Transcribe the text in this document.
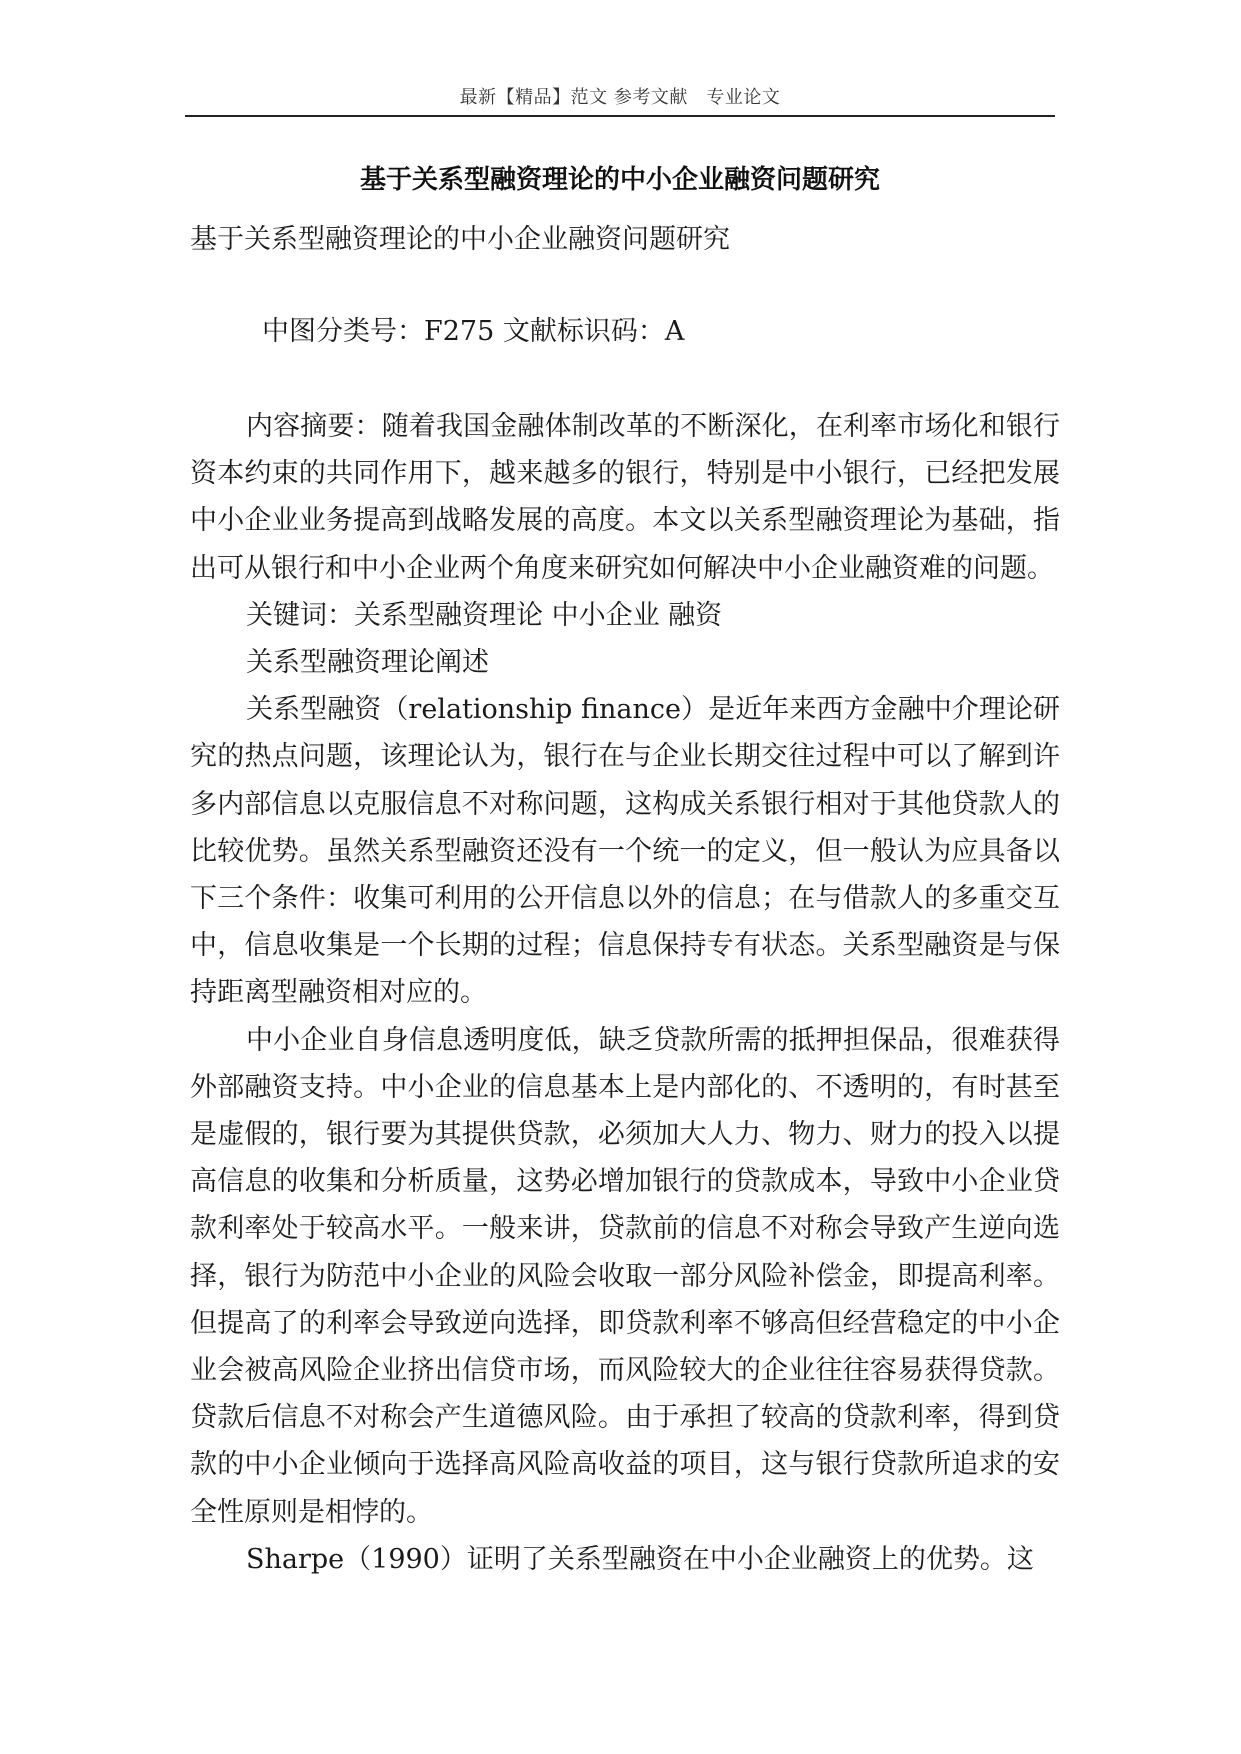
最新【精品】范文 参考文献　专业论文
基于关系型融资理论的中小企业融资问题研究
基于关系型融资理论的中小企业融资问题研究
中图分类号：F275 文献标识码：A

内容摘要：随着我国金融体制改革的不断深化，在利率市场化和银行资本约束的共同作用下，越来越多的银行，特别是中小银行，已经把发展中小企业业务提高到战略发展的高度。本文以关系型融资理论为基础，指出可从银行和中小企业两个角度来研究如何解决中小企业融资难的问题。

关键词：关系型融资理论 中小企业 融资

关系型融资理论阐述

关系型融资（relationship finance）是近年来西方金融中介理论研究的热点问题，该理论认为，银行在与企业长期交往过程中可以了解到许多内部信息以克服信息不对称问题，这构成关系银行相对于其他贷款人的比较优势。虽然关系型融资还没有一个统一的定义，但一般认为应具备以下三个条件：收集可利用的公开信息以外的信息；在与借款人的多重交互中，信息收集是一个长期的过程；信息保持专有状态。关系型融资是与保持距离型融资相对应的。

中小企业自身信息透明度低，缺乏贷款所需的抵押担保品，很难获得外部融资支持。中小企业的信息基本上是内部化的、不透明的，有时甚至是虚假的，银行要为其提供贷款，必须加大人力、物力、财力的投入以提高信息的收集和分析质量，这势必增加银行的贷款成本，导致中小企业贷款利率处于较高水平。一般来讲，贷款前的信息不对称会导致产生逆向选择，银行为防范中小企业的风险会收取一部分风险补偿金，即提高利率。但提高了的利率会导致逆向选择，即贷款利率不够高但经营稳定的中小企业会被高风险企业挤出信贷市场，而风险较大的企业往往容易获得贷款。贷款后信息不对称会产生道德风险。由于承担了较高的贷款利率，得到贷款的中小企业倾向于选择高风险高收益的项目，这与银行贷款所追求的安全性原则是相悖的。

Sharpe（1990）证明了关系型融资在中小企业融资上的优势。这
